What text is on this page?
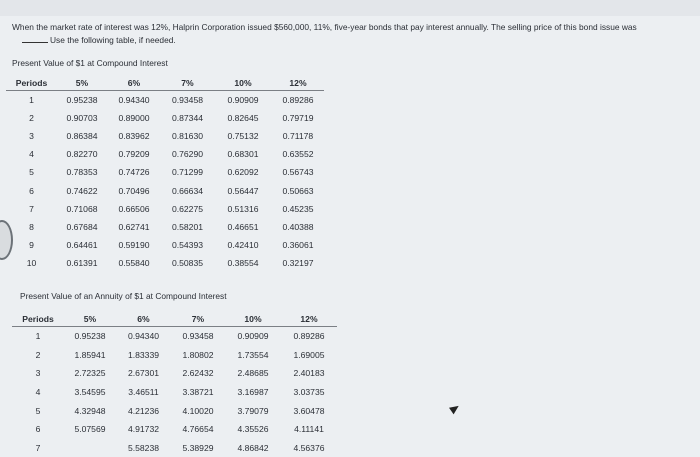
When the market rate of interest was 12%, Halprin Corporation issued $560,000, 11%, five-year bonds that pay interest annually. The selling price of this bond issue was
Use the following table, if needed.
Present Value of $1 at Compound Interest
Periods	5%	6%	7%	10%	12%
1	0.95238	0.94340	0.93458	0.90909	0.89286
2	0.90703	0.89000	0.87344	0.82645	0.79719
3	0.86384	0.83962	0.81630	0.75132	0.71178
4	0.82270	0.79209	0.76290	0.68301	0.63552
5	0.78353	0.74726	0.71299	0.62092	0.56743
6	0.74622	0.70496	0.66634	0.56447	0.50663
7	0.71068	0.66506	0.62275	0.51316	0.45235
8	0.67684	0.62741	0.58201	0.46651	0.40388
9	0.64461	0.59190	0.54393	0.42410	0.36061
10	0.61391	0.55840	0.50835	0.38554	0.32197
Present Value of an Annuity of $1 at Compound Interest
Periods	5%	6%	7%	10%	12%
1	0.95238	0.94340	0.93458	0.90909	0.89286
2	1.85941	1.83339	1.80802	1.73554	1.69005
3	2.72325	2.67301	2.62432	2.48685	2.40183
4	3.54595	3.46511	3.38721	3.16987	3.03735
5	4.32948	4.21236	4.10020	3.79079	3.60478
6	5.07569	4.91732	4.76654	4.35526	4.11141
7		5.58238	5.38929	4.86842	4.56376
